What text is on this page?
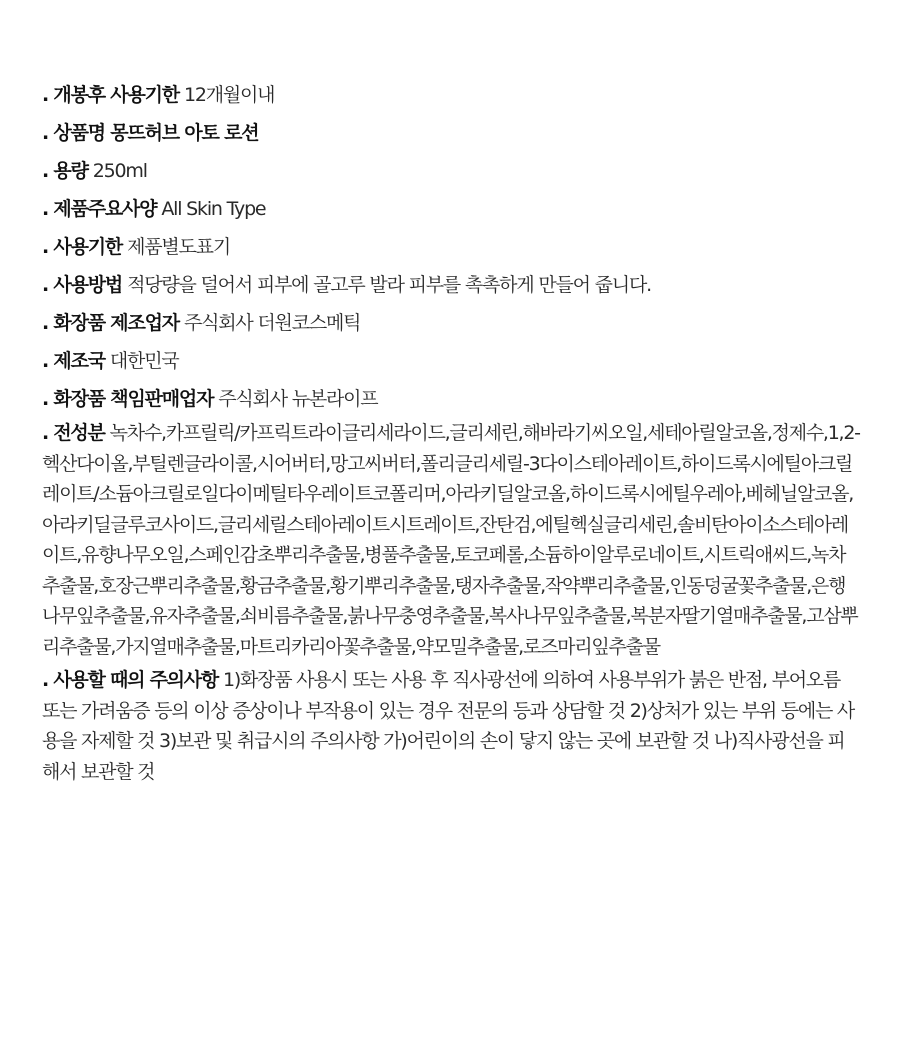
. 개봉후 사용기한 12개월이내
. 상품명 몽뜨허브 아토 로션
. 용량 250ml
. 제품주요사양 All Skin Type
. 사용기한 제품별도표기
. 사용방법 적당량을 덜어서 피부에 골고루 발라 피부를 촉촉하게 만들어 줍니다.
. 화장품 제조업자 주식회사 더원코스메틱
. 제조국 대한민국
. 화장품 책임판매업자 주식회사 뉴본라이프
. 전성분 녹차수,카프릴릭/카프릭트라이글리세라이드,글리세린,해바라기씨오일,세테아릴알코올,정제수,1,2-헥산다이올,부틸렌글라이콜,시어버터,망고씨버터,폴리글리세릴-3다이스테아레이트,하이드록시에틸아크릴레이트/소듐아크릴로일다이메틸타우레이트코폴리머,아라키딜알코올,하이드록시에틸우레아,베헤닐알코올,아라키딜글루코사이드,글리세릴스테아레이트시트레이트,잔탄검,에틸헥실글리세린,솔비탄아이소스테아레이트,유향나무오일,스페인감초뿌리추출물,병풀추출물,토코페롤,소듐하이알루로네이트,시트릭애씨드,녹차추출물,호장근뿌리추출물,황금추출물,황기뿌리추출물,탱자추출물,작약뿌리추출물,인동덩굴꽃추출물,은행나무잎추출물,유자추출물,쇠비름추출물,붉나무충영추출물,복사나무잎추출물,복분자딸기열매추출물,고삼뿌리추출물,가지열매추출물,마트리카리아꽃추출물,약모밀추출물,로즈마리잎추출물
. 사용할 때의 주의사항 1)화장품 사용시 또는 사용 후 직사광선에 의하여 사용부위가 붉은 반점, 부어오름 또는 가려움증 등의 이상 증상이나 부작용이 있는 경우 전문의 등과 상담할 것 2)상처가 있는 부위 등에는 사용을 자제할 것 3)보관 및 취급시의 주의사항 가)어린이의 손이 닿지 않는 곳에 보관할 것 나)직사광선을 피해서 보관할 것
